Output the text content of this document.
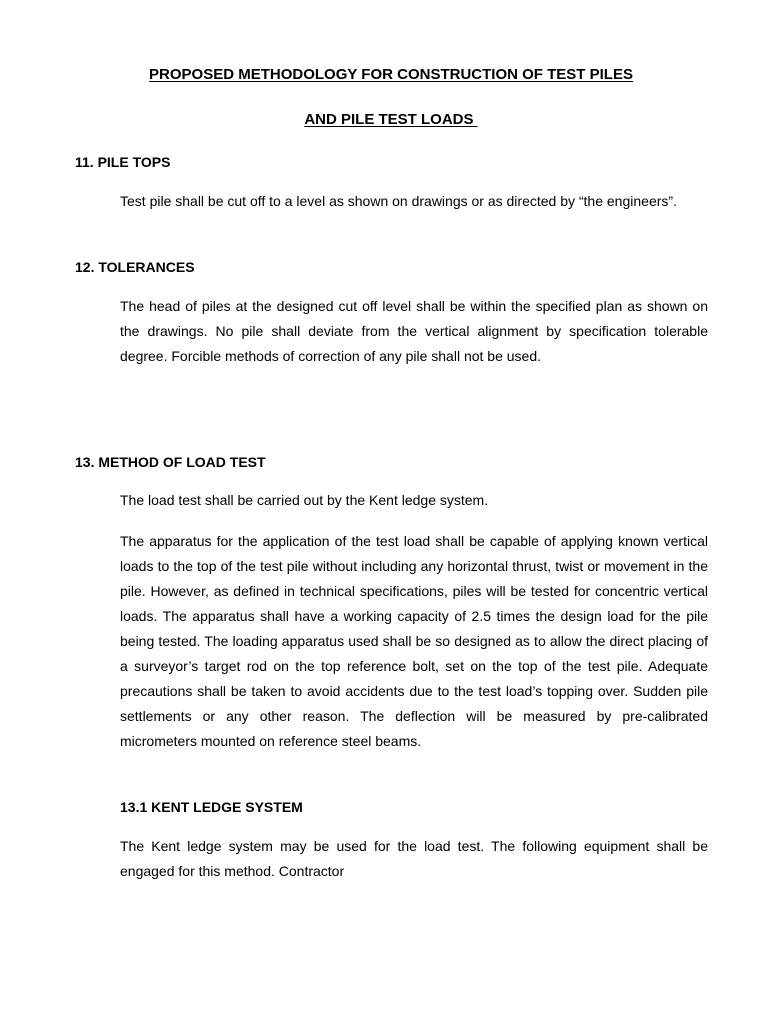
PROPOSED METHODOLOGY FOR CONSTRUCTION OF TEST PILES
AND PILE TEST LOADS
11. PILE TOPS
Test pile shall be cut off to a level as shown on drawings or as directed by “the engineers”.
12. TOLERANCES
The head of piles at the designed cut off level shall be within the specified plan as shown on the drawings. No pile shall deviate from the vertical alignment by specification tolerable degree. Forcible methods of correction of any pile shall not be used.
13. METHOD OF LOAD TEST
The load test shall be carried out by the Kent ledge system.
The apparatus for the application of the test load shall be capable of applying known vertical loads to the top of the test pile without including any horizontal thrust, twist or movement in the pile. However, as defined in technical specifications, piles will be tested for concentric vertical loads. The apparatus shall have a working capacity of 2.5 times the design load for the pile being tested. The loading apparatus used shall be so designed as to allow the direct placing of a surveyor’s target rod on the top reference bolt, set on the top of the test pile. Adequate precautions shall be taken to avoid accidents due to the test load’s topping over. Sudden pile settlements or any other reason. The deflection will be measured by pre-calibrated micrometers mounted on reference steel beams.
13.1 KENT LEDGE SYSTEM
The Kent ledge system may be used for the load test. The following equipment shall be engaged for this method. Contractor
